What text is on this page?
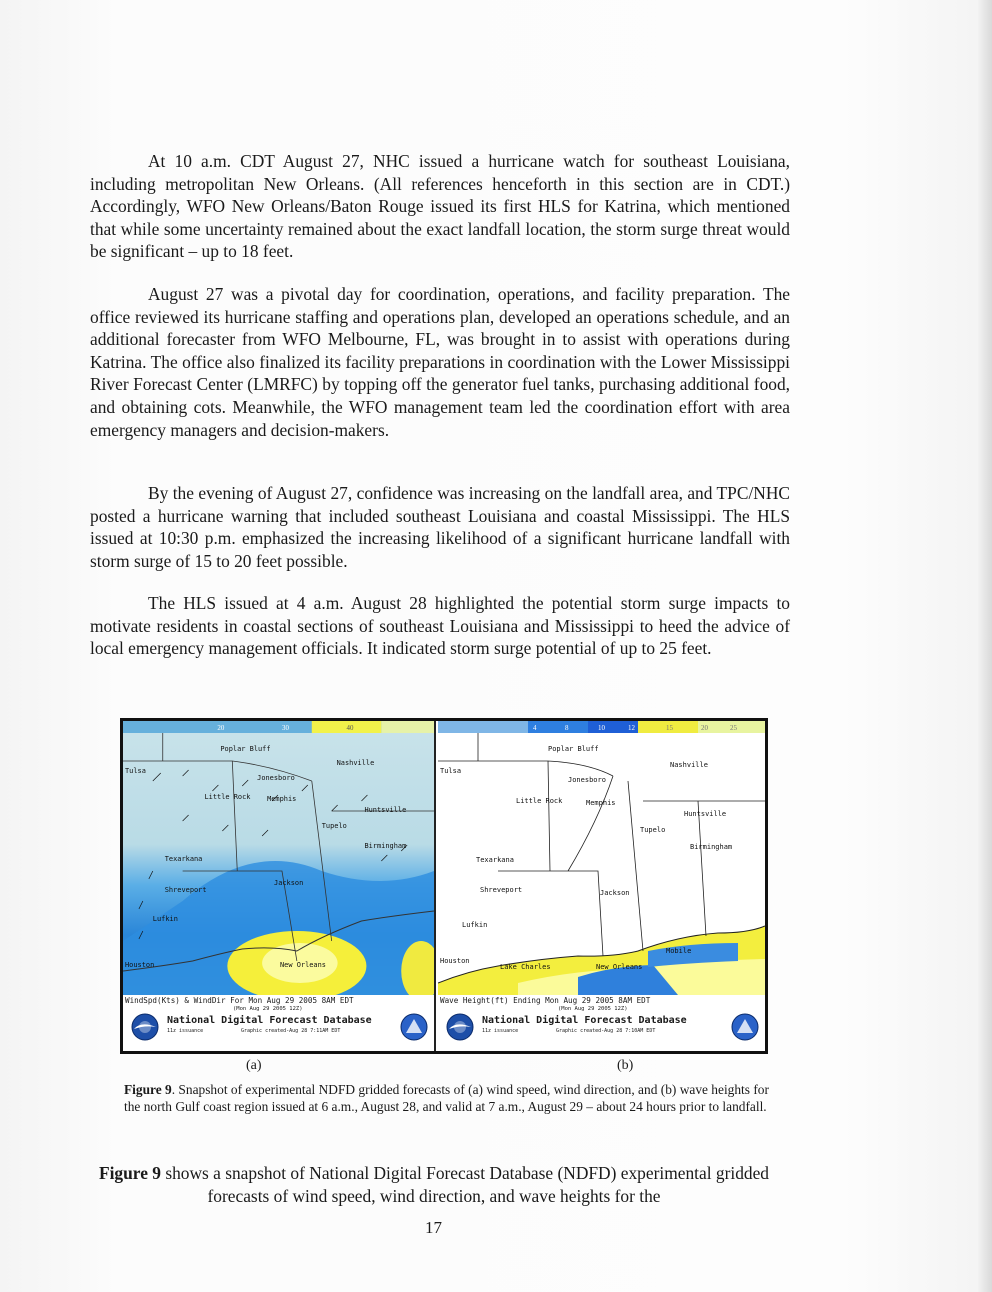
At 10 a.m. CDT August 27, NHC issued a hurricane watch for southeast Louisiana, including metropolitan New Orleans. (All references henceforth in this section are in CDT.) Accordingly, WFO New Orleans/Baton Rouge issued its first HLS for Katrina, which mentioned that while some uncertainty remained about the exact landfall location, the storm surge threat would be significant – up to 18 feet.

August 27 was a pivotal day for coordination, operations, and facility preparation. The office reviewed its hurricane staffing and operations plan, developed an operations schedule, and an additional forecaster from WFO Melbourne, FL, was brought in to assist with operations during Katrina. The office also finalized its facility preparations in coordination with the Lower Mississippi River Forecast Center (LMRFC) by topping off the generator fuel tanks, purchasing additional food, and obtaining cots. Meanwhile, the WFO management team led the coordination effort with area emergency managers and decision-makers.

By the evening of August 27, confidence was increasing on the landfall area, and TPC/NHC posted a hurricane warning that included southeast Louisiana and coastal Mississippi. The HLS issued at 10:30 p.m. emphasized the increasing likelihood of a significant hurricane landfall with storm surge of 15 to 20 feet possible.

The HLS issued at 4 a.m. August 28 highlighted the potential storm surge impacts to motivate residents in coastal sections of southeast Louisiana and Mississippi to heed the advice of local emergency management officials. It indicated storm surge potential of up to 25 feet.

20	30	40
Tulsa
Poplar Bluff
Nashville
Jonesboro
Little Rock Memphis
Huntsville
Tupelo
Birmingham
Texarkana
Shreveport
Jackson
Lufkin
Houston	New Orleans
WindSpd(Kts) & WindDir For Mon Aug 29 2005 8AM EDT
(Mon Aug 29 2005 12Z)
National Digital Forecast Database
11z issuance	Graphic created-Aug 28 7:11AM EDT
4	8	10	12	15	20	25
Tulsa
Poplar Bluff
Nashville
Jonesboro
Little Rock	Memphis
Huntsville
Tupelo
Birmingham
Texarkana
Shreveport	Jackson
Lufkin
Houston
Lake Charles	New Orleans
Mobile
Wave Height(ft) Ending Mon Aug 29 2005 8AM EDT
(Mon Aug 29 2005 12Z)
National Digital Forecast Database
11z issuance	Graphic created-Aug 28 7:10AM EDT
(a)	(b)

Figure 9. Snapshot of experimental NDFD gridded forecasts of (a) wind speed, wind direction, and (b) wave heights for the north Gulf coast region issued at 6 a.m., August 28, and valid at 7 a.m., August 29 – about 24 hours prior to landfall.

Figure 9 shows a snapshot of National Digital Forecast Database (NDFD) experimental gridded forecasts of wind speed, wind direction, and wave heights for the

17
